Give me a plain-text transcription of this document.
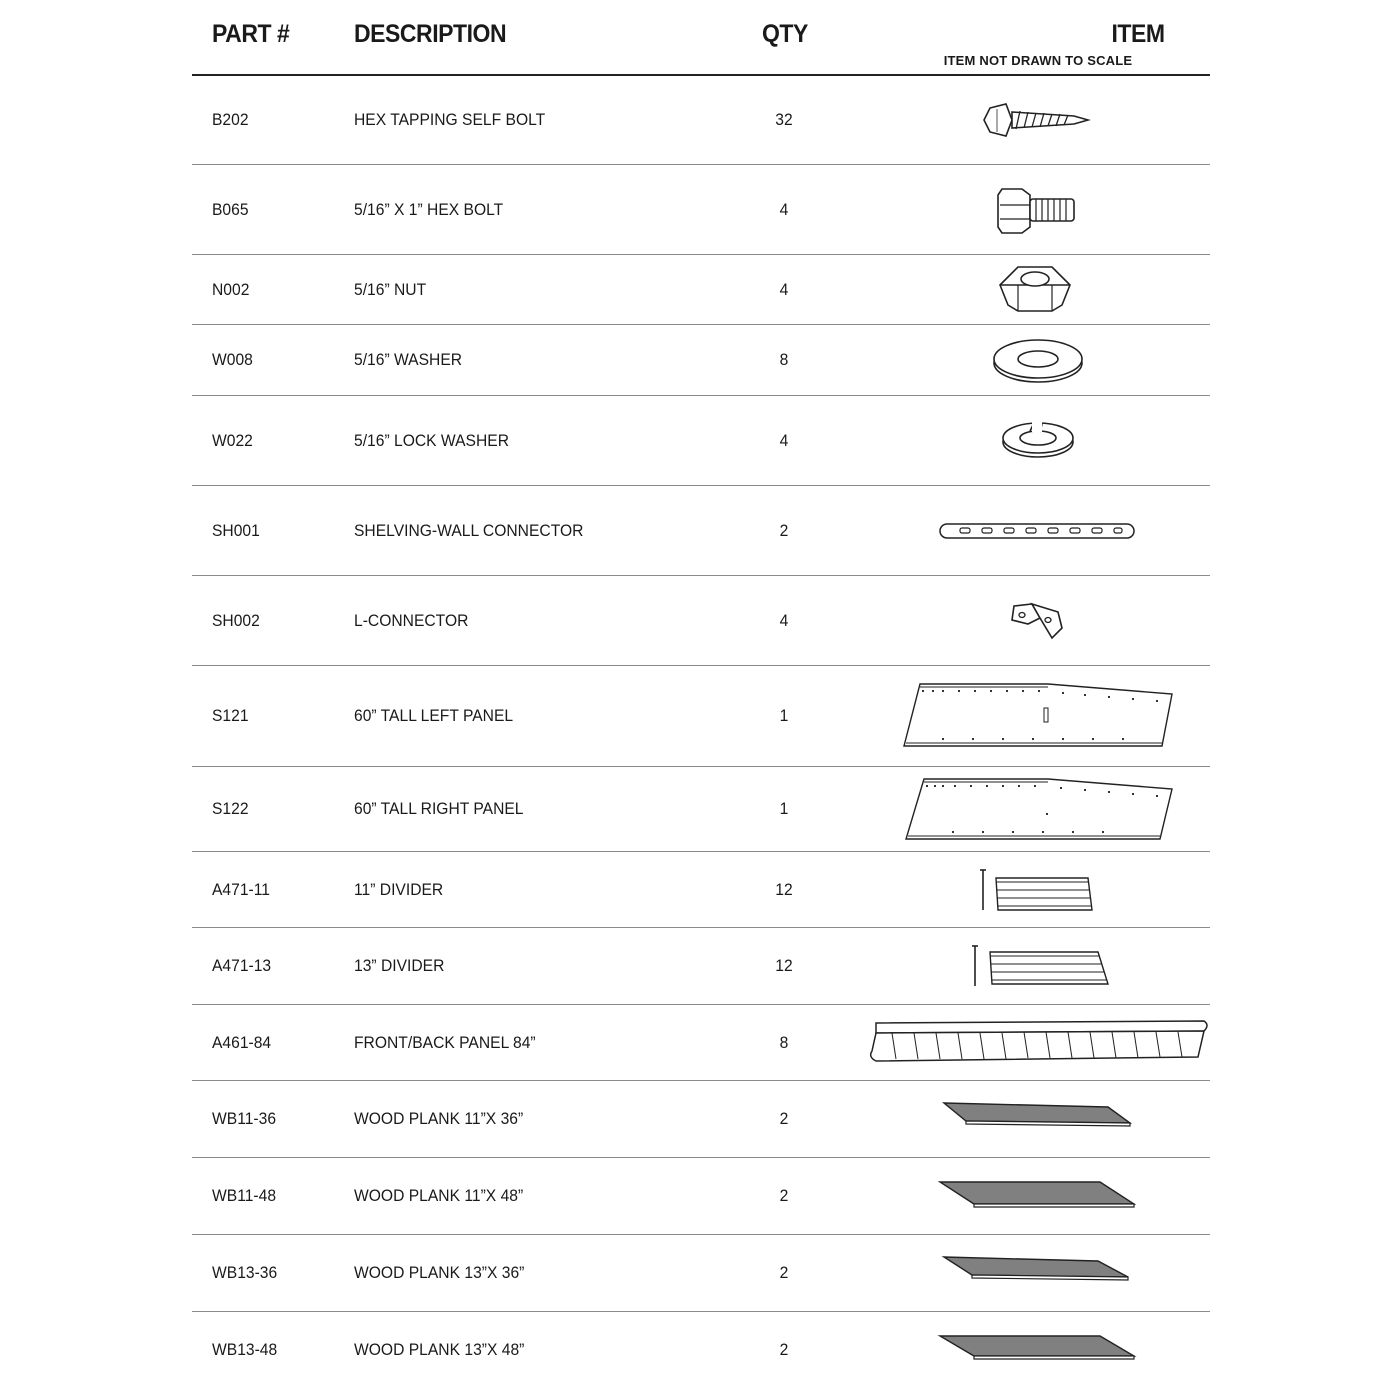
PART #	DESCRIPTION	QTY	ITEM
ITEM NOT DRAWN TO SCALE
B202	HEX TAPPING SELF BOLT	32
B065	5/16” X 1” HEX BOLT	4
N002	5/16” NUT	4
W008	5/16” WASHER	8
W022	5/16” LOCK WASHER	4
SH001	SHELVING-WALL CONNECTOR	2
SH002	L-CONNECTOR	4
S121	60” TALL LEFT PANEL	1
S122	60” TALL RIGHT PANEL	1
A471-11	11” DIVIDER	12
A471-13	13” DIVIDER	12
A461-84	FRONT/BACK PANEL 84”	8
WB11-36	WOOD PLANK 11”X 36”	2
WB11-48	WOOD PLANK 11”X 48”	2
WB13-36	WOOD PLANK 13”X 36”	2
WB13-48	WOOD PLANK 13”X 48”	2
